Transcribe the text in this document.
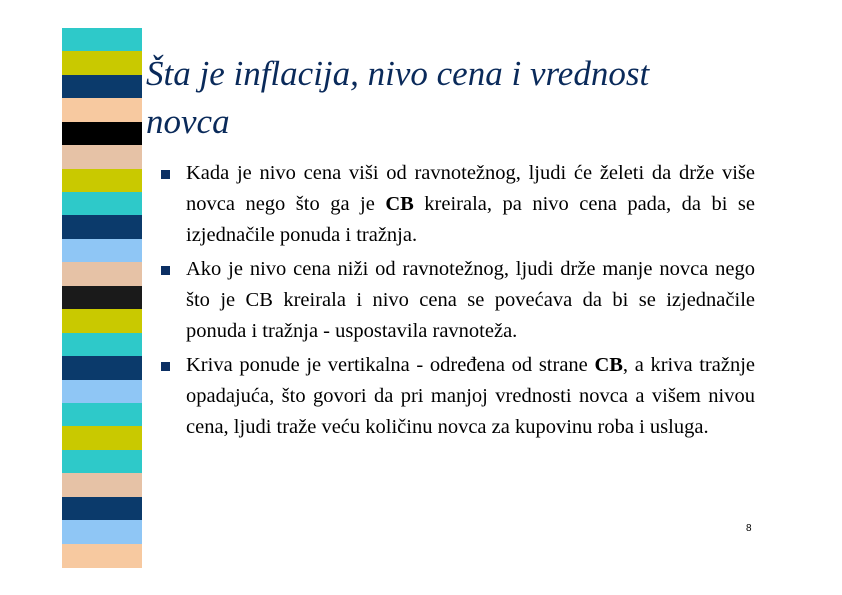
Šta je inflacija, nivo cena i vrednost
novca
Kada je nivo cena viši od ravnotežnog, ljudi će želeti da drže više novca nego što ga je CB kreirala, pa nivo cena pada, da bi se izjednačile ponuda i tražnja.
Ako je nivo cena niži od ravnotežnog, ljudi drže manje novca nego što je CB kreirala i nivo cena se povećava da bi se izjednačile ponuda i tražnja - uspostavila ravnoteža.
Kriva ponude je vertikalna - određena od strane CB, a kriva tražnje opadajuća, što govori da pri manjoj vrednosti novca a višem nivou cena, ljudi traže veću količinu novca za kupovinu roba i usluga.
8
